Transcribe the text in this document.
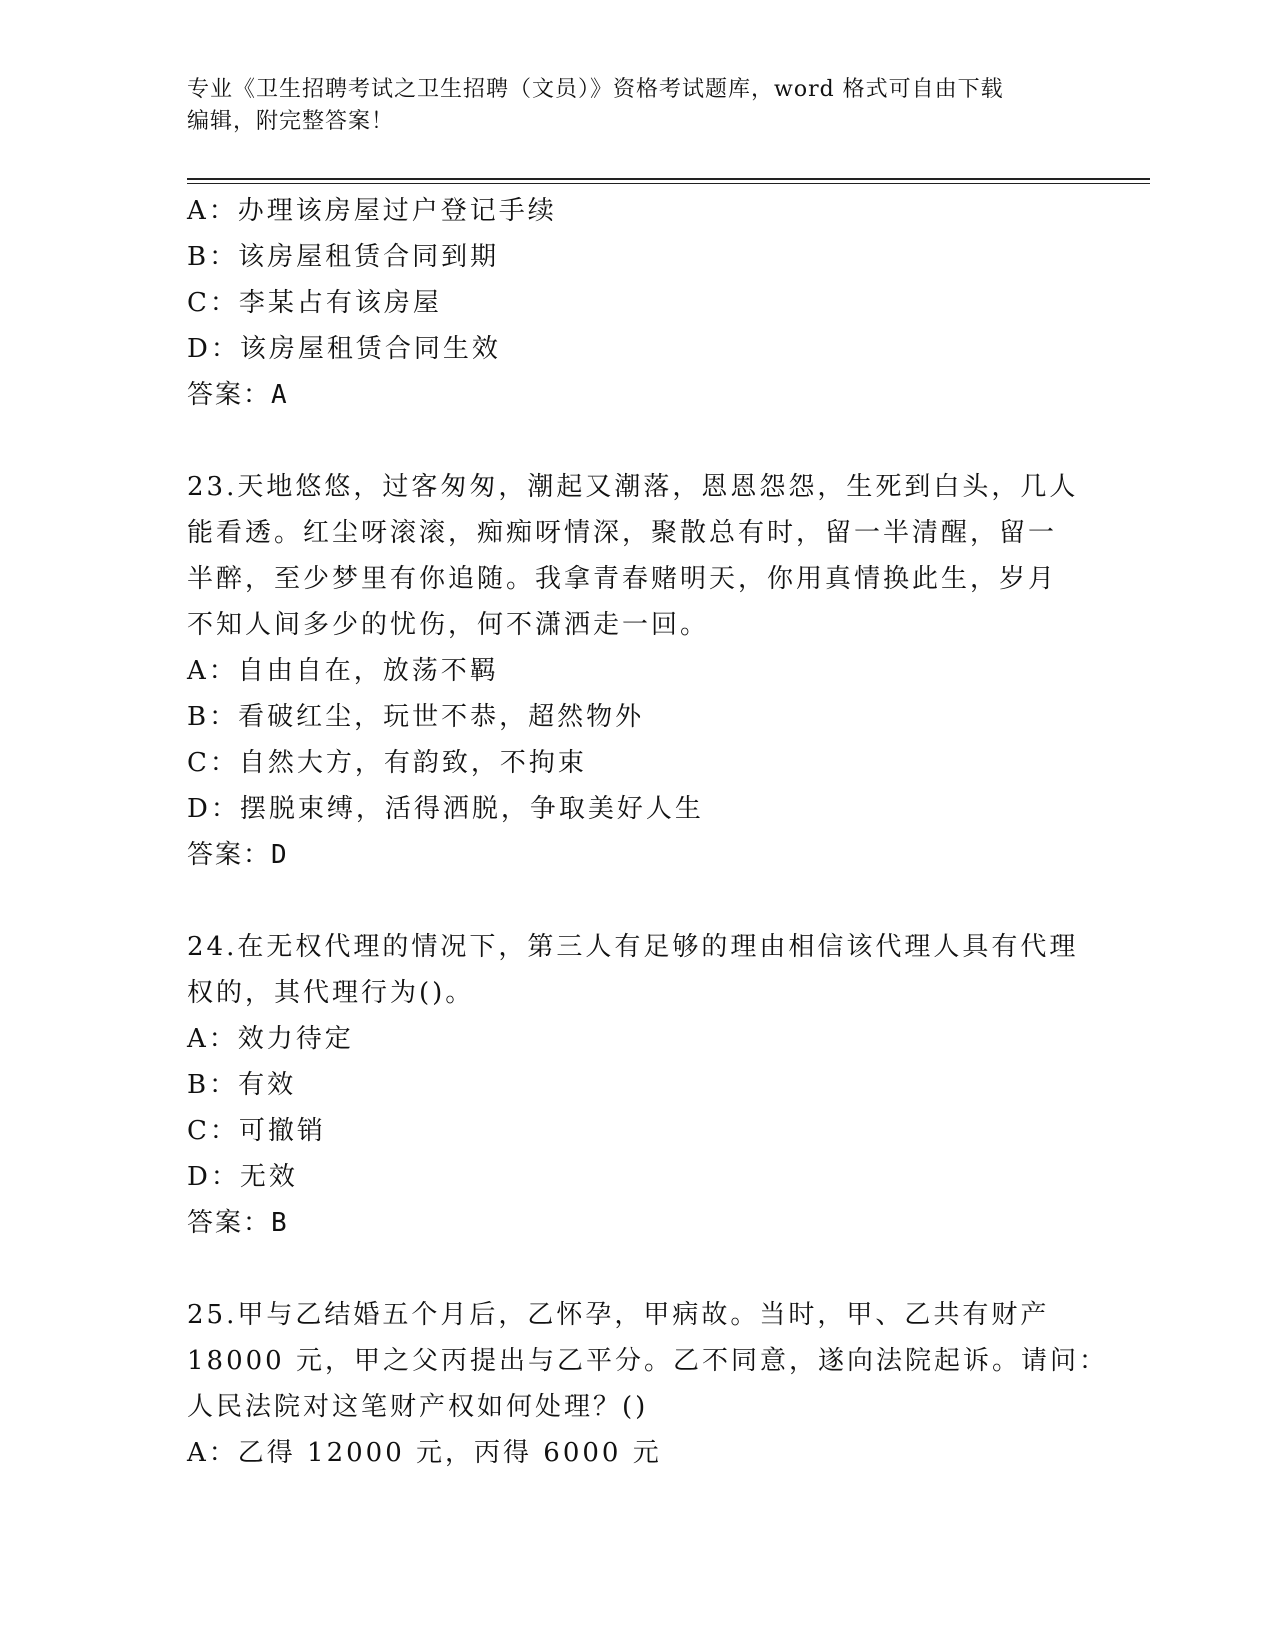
专业《卫生招聘考试之卫生招聘（文员）》资格考试题库，word 格式可自由下载
编辑，附完整答案！
A：办理该房屋过户登记手续
B：该房屋租赁合同到期
C：李某占有该房屋
D：该房屋租赁合同生效
答案：A
23.天地悠悠，过客匆匆，潮起又潮落，恩恩怨怨，生死到白头，几人
能看透。红尘呀滚滚，痴痴呀情深，聚散总有时，留一半清醒，留一
半醉，至少梦里有你追随。我拿青春赌明天，你用真情换此生，岁月
不知人间多少的忧伤，何不潇洒走一回。
A：自由自在，放荡不羁
B：看破红尘，玩世不恭，超然物外
C：自然大方，有韵致，不拘束
D：摆脱束缚，活得洒脱，争取美好人生
答案：D
24.在无权代理的情况下，第三人有足够的理由相信该代理人具有代理
权的，其代理行为()。
A：效力待定
B：有效
C：可撤销
D：无效
答案：B
25.甲与乙结婚五个月后，乙怀孕，甲病故。当时，甲、乙共有财产
18000 元，甲之父丙提出与乙平分。乙不同意，遂向法院起诉。请问：
人民法院对这笔财产权如何处理？()
A：乙得 12000 元，丙得 6000 元
